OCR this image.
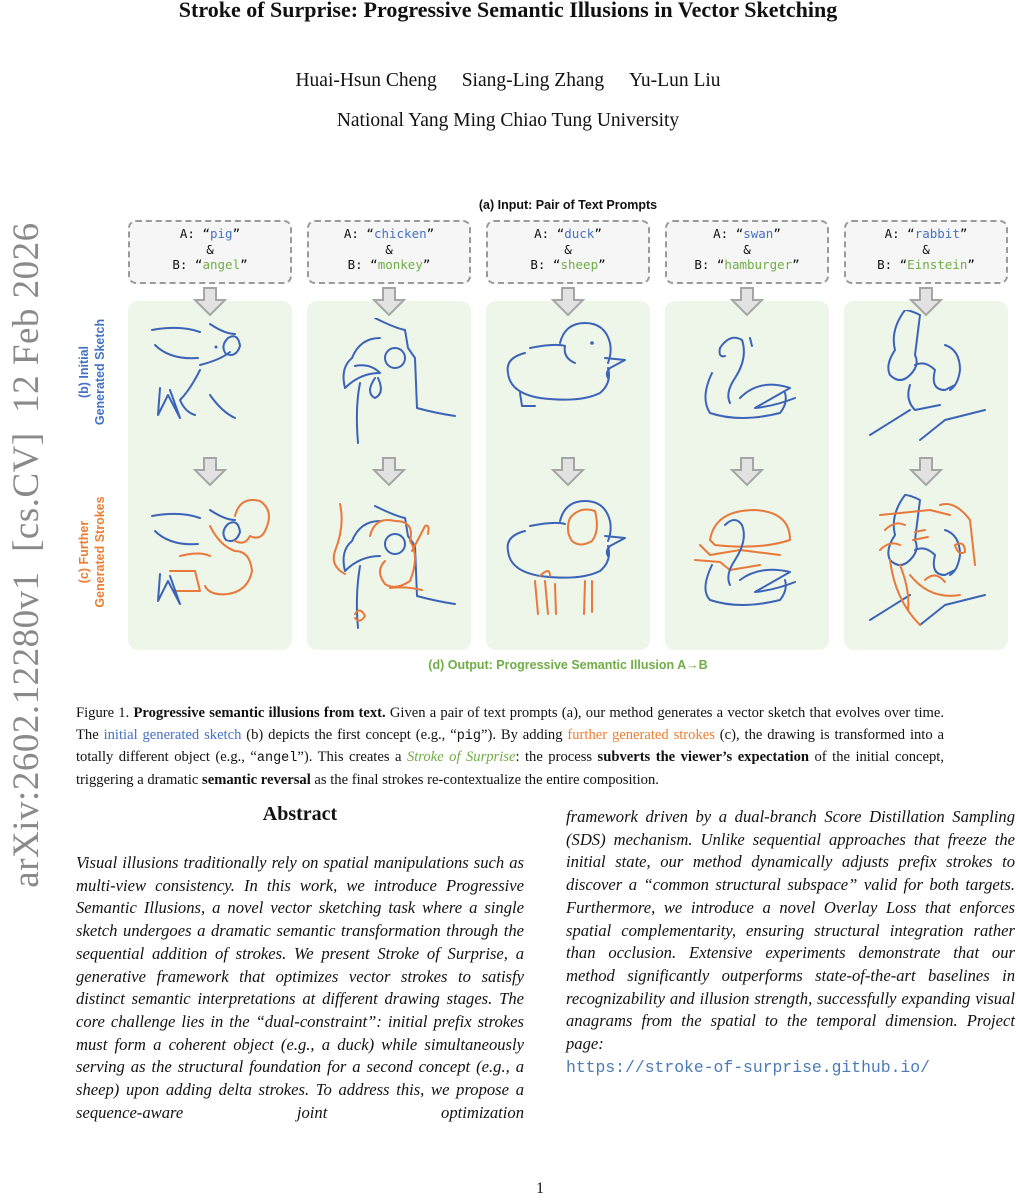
arXiv:2602.12280v1  [cs.CV]  12 Feb 2026
Stroke of Surprise: Progressive Semantic Illusions in Vector Sketching
Huai-Hsun Cheng Siang-Ling Zhang Yu-Lun Liu
National Yang Ming Chiao Tung University
(a) Input: Pair of Text Prompts
A: “pig”
&
B: “angel”
A: “chicken”
&
B: “monkey”
A: “duck”
&
B: “sheep”
A: “swan”
&
B: “hamburger”
A: “rabbit”
&
B: “Einstein”
(b) Initial Generated Sketch
(c) Further Generated Strokes
(d) Output: Progressive Semantic Illusion A→B
Figure 1. Progressive semantic illusions from text. Given a pair of text prompts (a), our method generates a vector sketch that evolves over time. The initial generated sketch (b) depicts the first concept (e.g., “pig”). By adding further generated strokes (c), the drawing is transformed into a totally different object (e.g., “angel”). This creates a Stroke of Surprise: the process subverts the viewer’s expectation of the initial concept, triggering a dramatic semantic reversal as the final strokes re-contextualize the entire composition.
Abstract
Visual illusions traditionally rely on spatial manipulations such as multi-view consistency. In this work, we introduce Progressive Semantic Illusions, a novel vector sketching task where a single sketch undergoes a dramatic semantic transformation through the sequential addition of strokes. We present Stroke of Surprise, a generative framework that optimizes vector strokes to satisfy distinct semantic interpretations at different drawing stages. The core challenge lies in the “dual-constraint”: initial prefix strokes must form a coherent object (e.g., a duck) while simultaneously serving as the structural foundation for a second concept (e.g., a sheep) upon adding delta strokes. To address this, we propose a sequence-aware joint optimization
framework driven by a dual-branch Score Distillation Sampling (SDS) mechanism. Unlike sequential approaches that freeze the initial state, our method dynamically adjusts prefix strokes to discover a “common structural subspace” valid for both targets. Furthermore, we introduce a novel Overlay Loss that enforces spatial complementarity, ensuring structural integration rather than occlusion. Extensive experiments demonstrate that our method significantly outperforms state-of-the-art baselines in recognizability and illusion strength, successfully expanding visual anagrams from the spatial to the temporal dimension. Project page:
https://stroke-of-surprise.github.io/
1
